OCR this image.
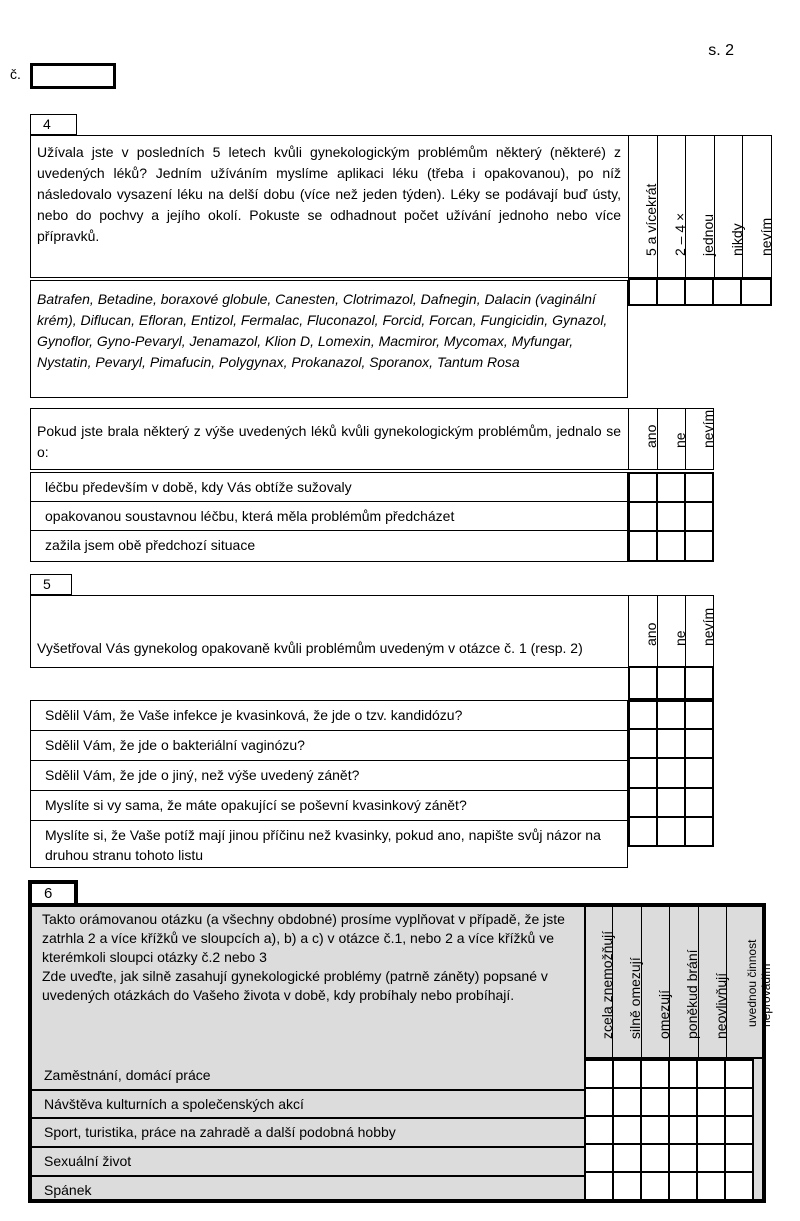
s. 2
č.
4
Užívala jste v posledních 5 letech kvůli gynekologickým problémům některý (některé) z uvedených léků? Jedním užíváním myslíme aplikaci léku (třeba i opakovanou), po níž následovalo vysazení léku na delší dobu (více než jeden týden). Léky se podávají buď ústy, nebo do pochvy a jejího okolí. Pokuste se odhadnout počet užívání jednoho nebo více přípravků.	5 a vícekrát 2 – 4 × jednou nikdy nevím
Batrafen, Betadine, boraxové globule, Canesten, Clotrimazol, Dafnegin, Dalacin (vaginální krém), Diflucan, Efloran, Entizol, Fermalac, Fluconazol, Forcid, Forcan, Fungicidin, Gynazol, Gynoflor, Gyno-Pevaryl, Jenamazol, Klion D, Lomexin, Macmiror, Mycomax, Myfungar, Nystatin, Pevaryl, Pimafucin, Polygynax, Prokanazol, Sporanox, Tantum Rosa
Pokud jste brala některý z výše uvedených léků kvůli gynekologickým problémům, jednalo se o:
ano ne nevím
léčbu především v době, kdy Vás obtíže sužovaly
opakovanou soustavnou léčbu, která měla problémům předcházet
zažila jsem obě předchozí situace
5
Vyšetřoval Vás gynekolog opakovaně kvůli problémům uvedeným v otázce č. 1 (resp. 2)
ano ne nevím
Sdělil Vám, že Vaše infekce je kvasinková, že jde o tzv. kandidózu?
Sdělil Vám, že jde o bakteriální vaginózu?
Sdělil Vám, že jde o jiný, než výše uvedený zánět?
Myslíte si vy sama, že máte opakující se poševní kvasinkový zánět?
Myslíte si, že Vaše potíž mají jinou příčinu než kvasinky, pokud ano, napište svůj názor na druhou stranu tohoto listu
6
Takto orámovanou otázku (a všechny obdobné) prosíme vyplňovat v případě, že jste zatrhla 2 a více křížků ve sloupcích a), b) a c) v otázce č.1, nebo 2 a více křížků ve kterémkoli sloupci otázky č.2 nebo 3
Zde uveďte, jak silně zasahují gynekologické problémy (patrně záněty) popsané v uvedených otázkách do Vašeho života v době, kdy probíhaly nebo probíhají.	zcela znemožňují silně omezují omezují poněkud brání neovlivňují uvednou činnost neprovádím
Zaměstnání, domácí práce
Návštěva kulturních a společenských akcí
Sport, turistika, práce na zahradě a další podobná hobby
Sexuální život
Spánek
